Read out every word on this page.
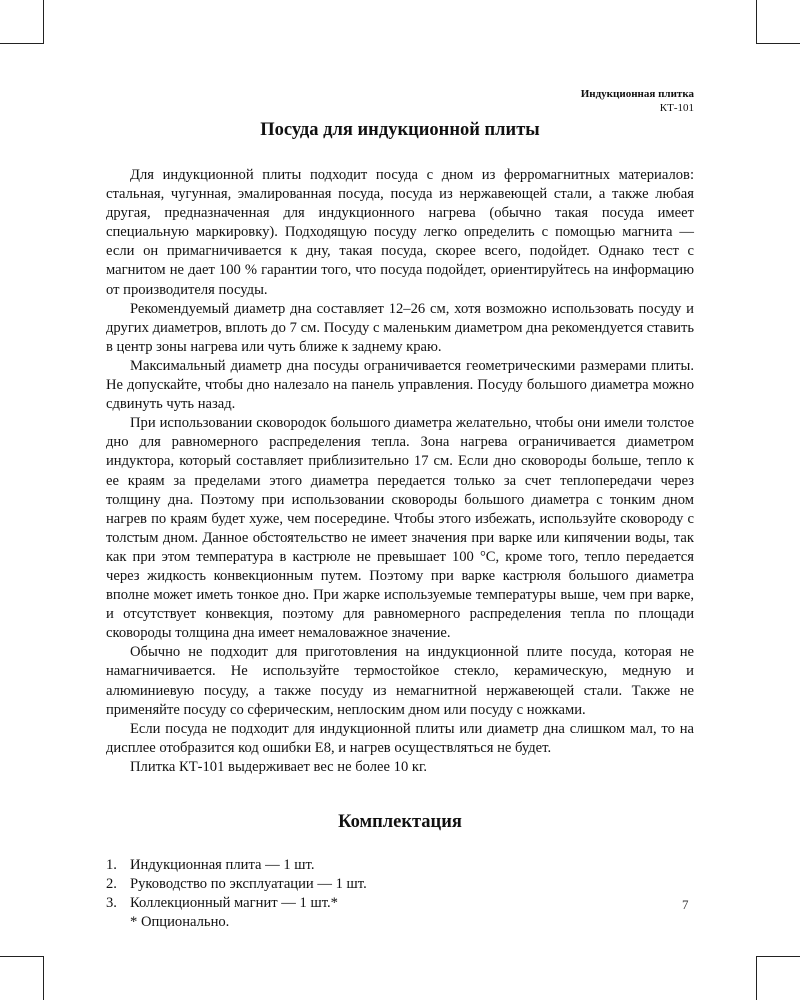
Индукционная плитка
КТ-101
Посуда для индукционной плиты

Для индукционной плиты подходит посуда с дном из ферромагнитных материалов: стальная, чугунная, эмалированная посуда, посуда из нержавеющей стали, а также любая другая, предназначенная для индукционного нагрева (обычно такая посуда имеет специальную маркировку). Подходящую посуду легко определить с помощью магнита — если он примагничивается к дну, такая посуда, скорее всего, подойдет. Однако тест с магнитом не дает 100 % гарантии того, что посуда подойдет, ориентируйтесь на информацию от производителя посуды.

Рекомендуемый диаметр дна составляет 12–26 см, хотя возможно использовать посуду и других диаметров, вплоть до 7 см. Посуду с маленьким диаметром дна рекомендуется ставить в центр зоны нагрева или чуть ближе к заднему краю.

Максимальный диаметр дна посуды ограничивается геометрическими размерами плиты. Не допускайте, чтобы дно налезало на панель управления. Посуду большого диаметра можно сдвинуть чуть назад.

При использовании сковородок большого диаметра желательно, чтобы они имели толстое дно для равномерного распределения тепла. Зона нагрева ограничивается диаметром индуктора, который составляет приблизительно 17 см. Если дно сковороды больше, тепло к ее краям за пределами этого диаметра передается только за счет теплопередачи через толщину дна. Поэтому при использовании сковороды большого диаметра с тонким дном нагрев по краям будет хуже, чем посередине. Чтобы этого избежать, используйте сковороду с толстым дном. Данное обстоятельство не имеет значения при варке или кипячении воды, так как при этом температура в кастрюле не превышает 100 °С, кроме того, тепло передается через жидкость конвекционным путем. Поэтому при варке кастрюля большого диаметра вполне может иметь тонкое дно. При жарке используемые температуры выше, чем при варке, и отсутствует конвекция, поэтому для равномерного распределения тепла по площади сковороды толщина дна имеет немаловажное значение.

Обычно не подходит для приготовления на индукционной плите посуда, которая не намагничивается. Не используйте термостойкое стекло, керамическую, медную и алюминиевую посуду, а также посуду из немагнитной нержавеющей стали. Также не применяйте посуду со сферическим, неплоским дном или посуду с ножками.

Если посуда не подходит для индукционной плиты или диаметр дна слишком мал, то на дисплее отобразится код ошибки E8, и нагрев осуществляться не будет.

Плитка КТ-101 выдерживает вес не более 10 кг.

Комплектация
1. Индукционная плита — 1 шт.
2. Руководство по эксплуатации — 1 шт.
3. Коллекционный магнит — 1 шт.*

* Опционально.

7
